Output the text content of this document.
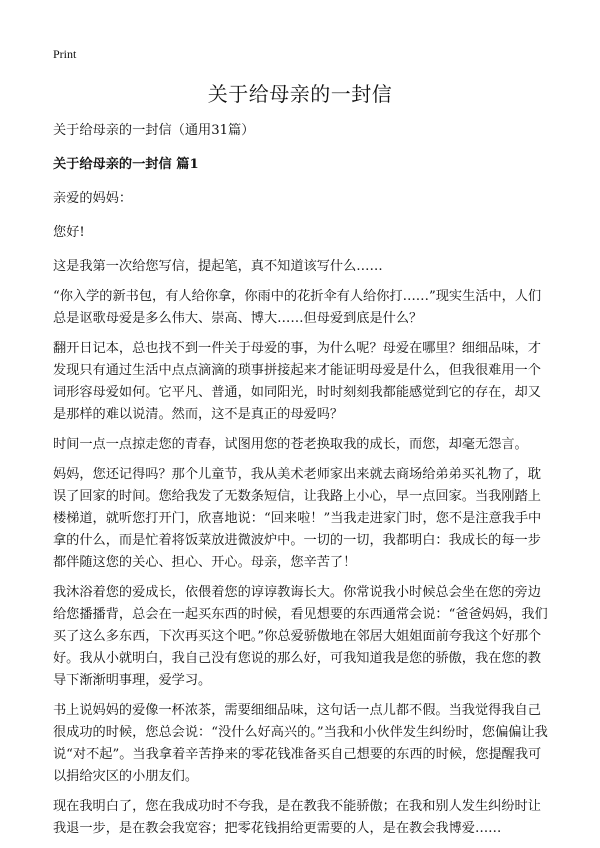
Print
关于给母亲的一封信

关于给母亲的一封信（通用31篇）

关于给母亲的一封信 篇1

亲爱的妈妈：

您好!

这是我第一次给您写信，提起笔，真不知道该写什么……

“你入学的新书包，有人给你拿，你雨中的花折伞有人给你打……”现实生活中，人们总是讴歌母爱是多么伟大、崇高、博大……但母爱到底是什么？

翻开日记本，总也找不到一件关于母爱的事，为什么呢？母爱在哪里？细细品味，才发现只有通过生活中点点滴滴的琐事拼接起来才能证明母爱是什么，但我很难用一个词形容母爱如何。它平凡、普通，如同阳光，时时刻刻我都能感觉到它的存在，却又是那样的难以说清。然而，这不是真正的母爱吗？

时间一点一点掠走您的青春，试图用您的苍老换取我的成长，而您，却毫无怨言。

妈妈，您还记得吗？那个儿童节，我从美术老师家出来就去商场给弟弟买礼物了，耽误了回家的时间。您给我发了无数条短信，让我路上小心，早一点回家。当我刚踏上楼梯道，就听您打开门，欣喜地说：“回来啦！”当我走进家门时，您不是注意我手中拿的什么，而是忙着将饭菜放进微波炉中。一切的一切，我都明白：我成长的每一步都伴随这您的关心、担心、开心。母亲，您辛苦了！

我沐浴着您的爱成长，依偎着您的谆谆教诲长大。你常说我小时候总会坐在您的旁边给您播播背，总会在一起买东西的时候，看见想要的东西通常会说：“爸爸妈妈，我们买了这么多东西，下次再买这个吧。”你总爱骄傲地在邻居大姐姐面前夸我这个好那个好。我从小就明白，我自己没有您说的那么好，可我知道我是您的骄傲，我在您的教导下渐渐明事理，爱学习。

书上说妈妈的爱像一杯浓茶，需要细细品味，这句话一点儿都不假。当我觉得我自己很成功的时候，您总会说：“没什么好高兴的。”当我和小伙伴发生纠纷时，您偏偏让我说“对不起”。当我拿着辛苦挣来的零花钱准备买自己想要的东西的时候，您提醒我可以捐给灾区的小朋友们。

现在我明白了，您在我成功时不夸我，是在教我不能骄傲；在我和别人发生纠纷时让我退一步，是在教会我宽容；把零花钱捐给更需要的人，是在教会我博爱……
